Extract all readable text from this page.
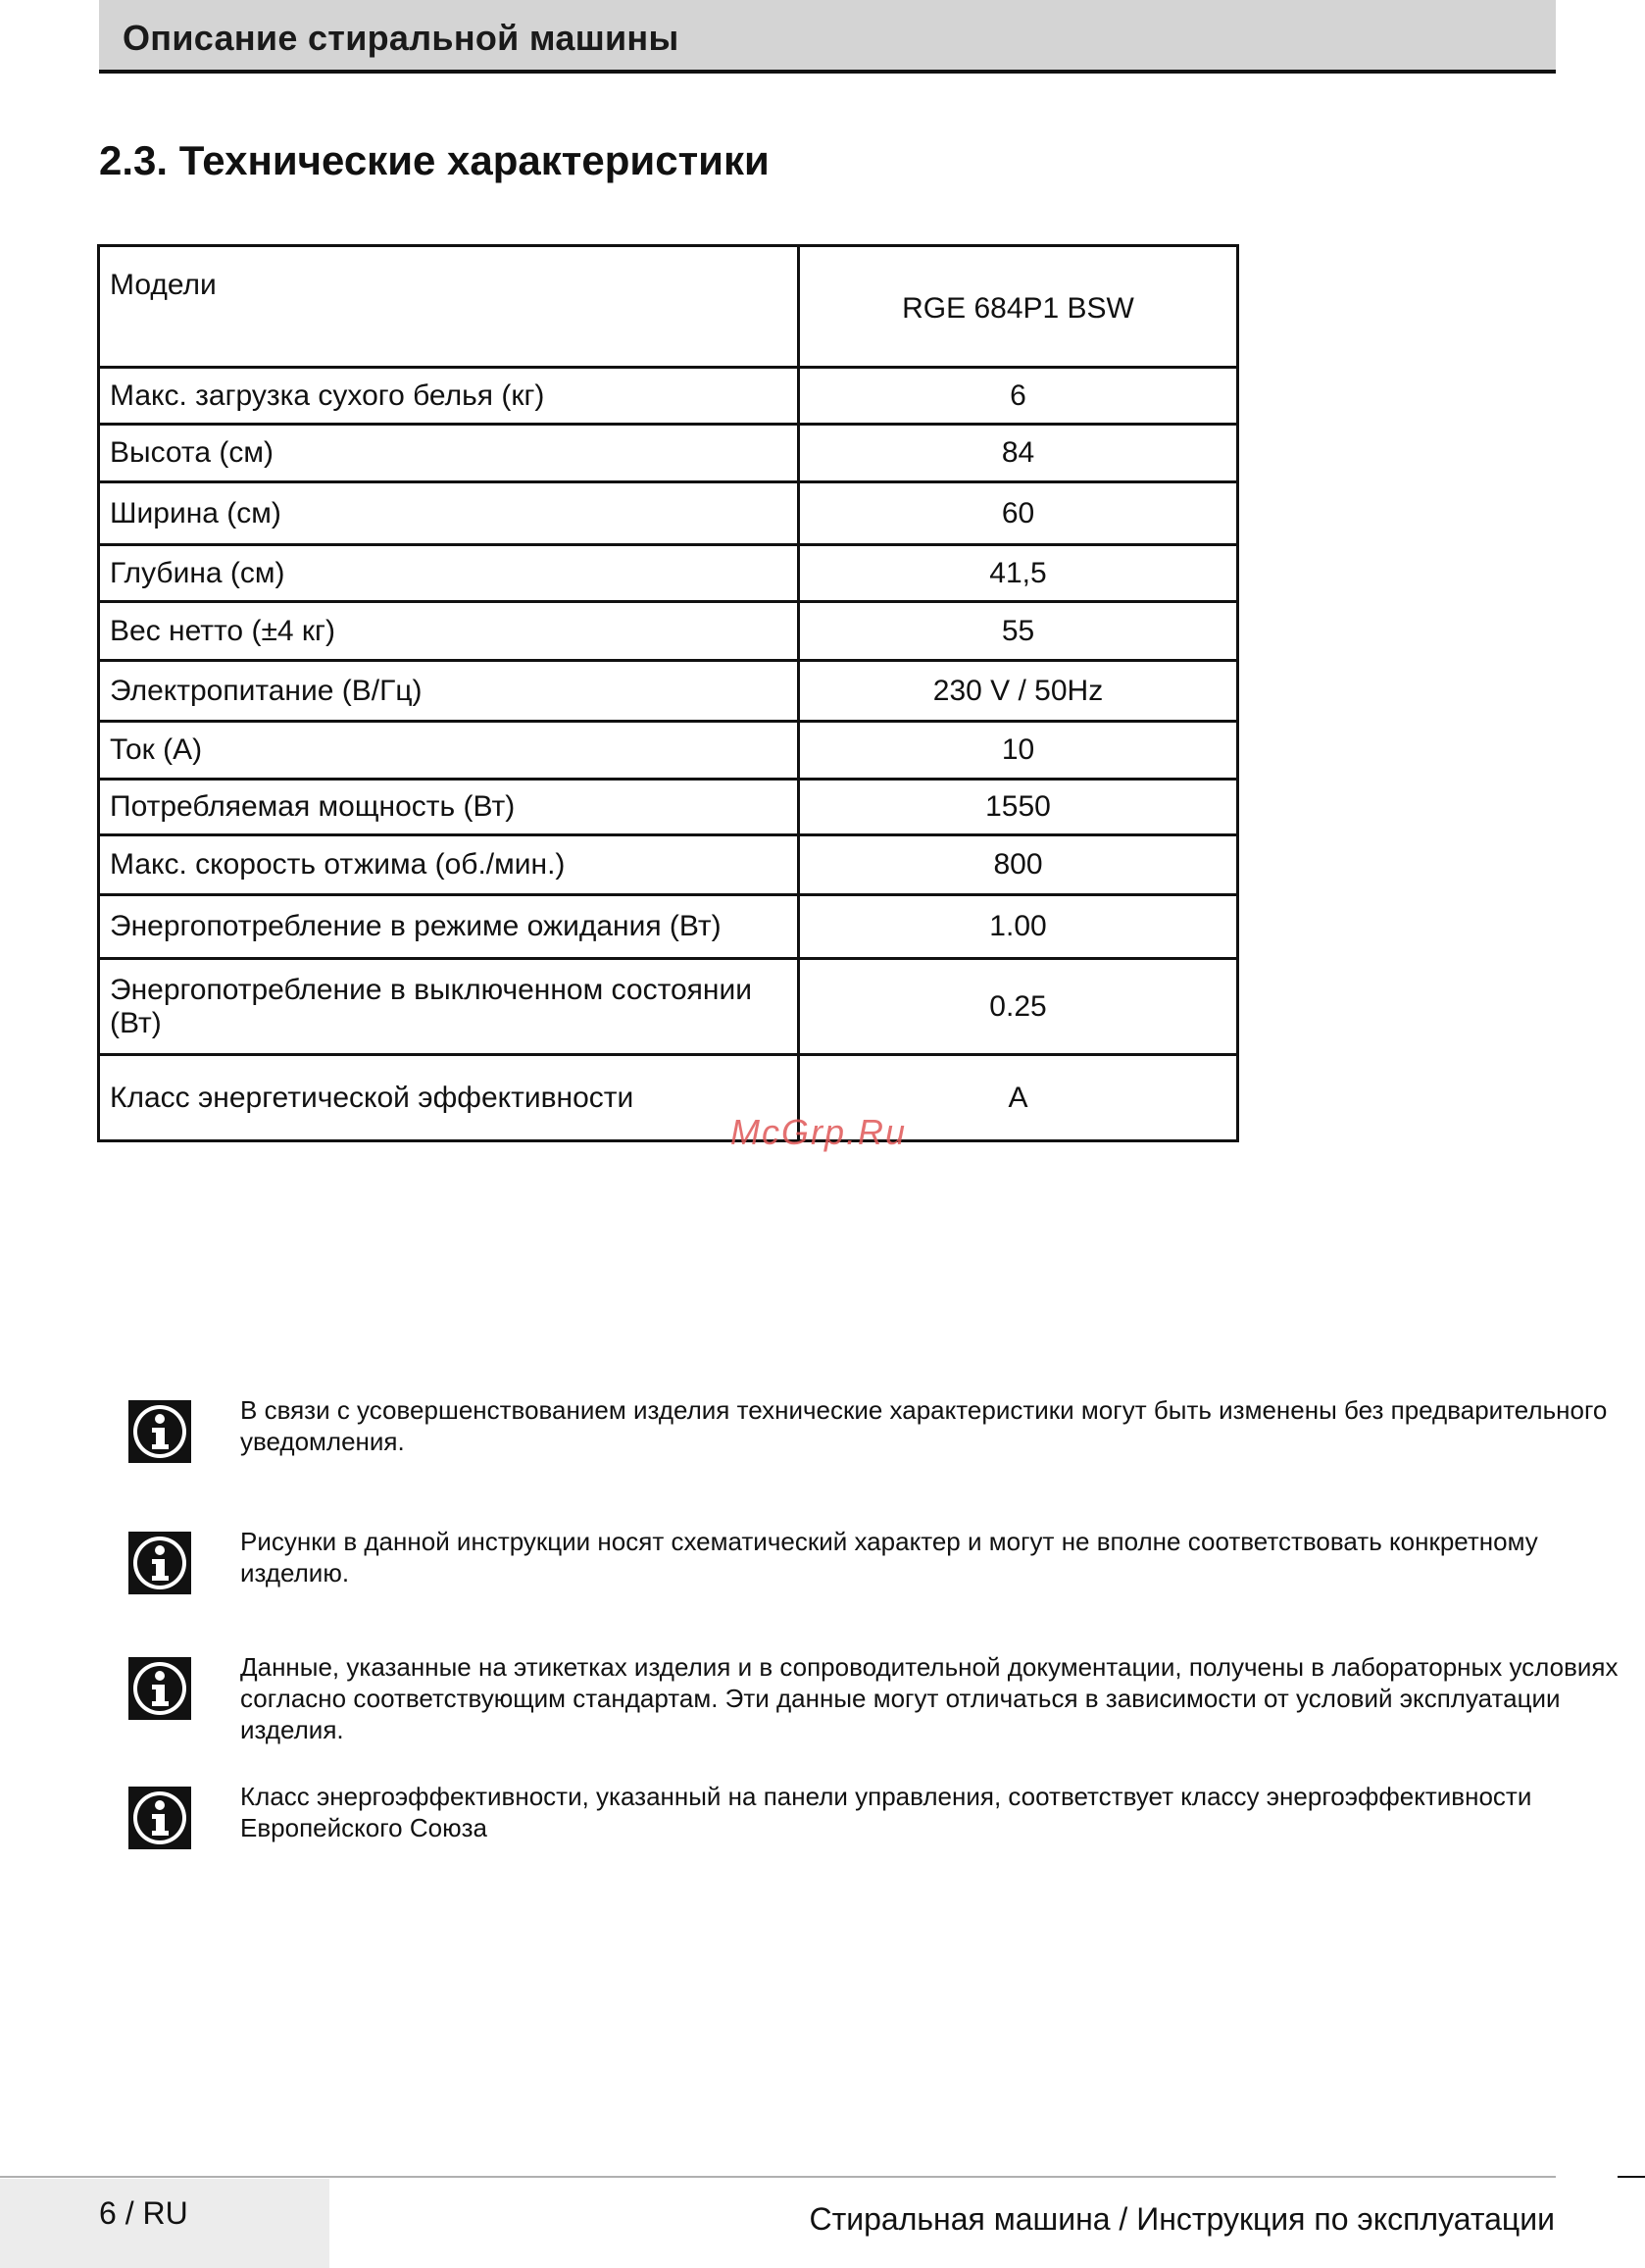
Описание стиральной машины
2.3. Технические характеристики
Модели	RGE 684P1 BSW
Макс. загрузка сухого белья (кг)	6
Высота (см)	84
Ширина (см)	60
Глубина (см)	41,5
Вес нетто (±4 кг)	55
Электропитание (В/Гц)	230 V / 50Hz
Ток (A)	10
Потребляемая мощность (Вт)	1550
Макс. скорость отжима (об./мин.)	800
Энергопотребление в режиме ожидания (Вт)	1.00
Энергопотребление в выключенном состоянии (Вт)	0.25
Класс энергетической эффективности	A
McGrp.Ru
В связи с усовершенствованием изделия технические характеристики могут быть изменены без предварительного уведомления.
Рисунки в данной инструкции носят схематический характер и могут не вполне соответствовать конкретному изделию.
Данные, указанные на этикетках изделия и в сопроводительной документации, получены в лабораторных условиях согласно соответствующим стандартам. Эти данные могут отличаться в зависимости от условий эксплуатации изделия.
Класс энергоэффективности, указанный на панели управления, соответствует классу энергоэффективности Европейского Союза
6 / RU	Стиральная машина / Инструкция по эксплуатации
